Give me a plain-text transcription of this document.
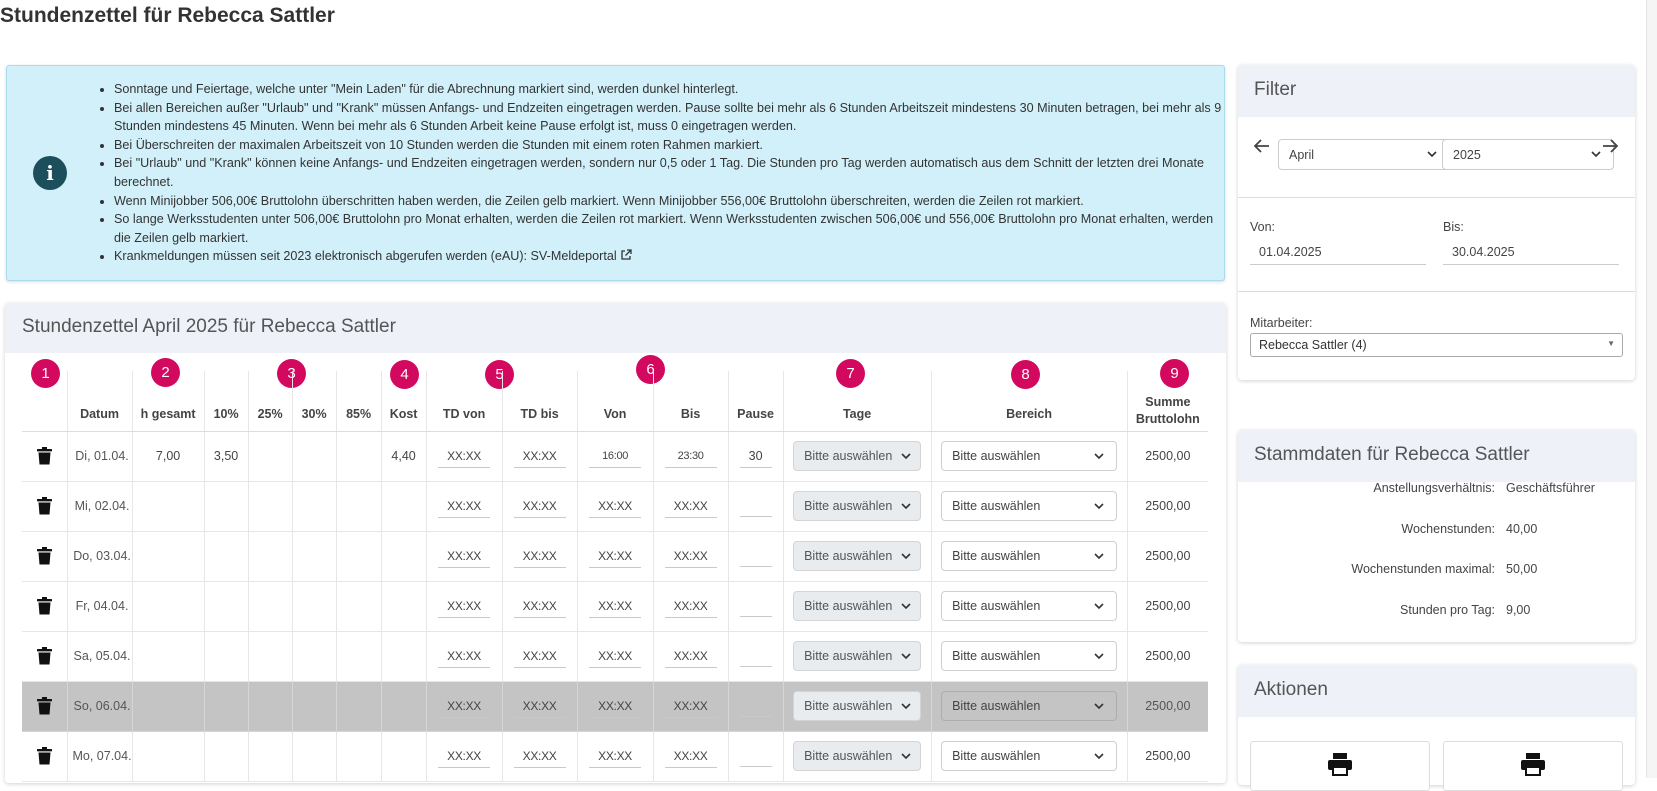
Stundenzettel für Rebecca Sattler
i
• Sonntage und Feiertage, welche unter "Mein Laden" für die Abrechnung markiert sind, werden dunkel hinterlegt.
• Bei allen Bereichen außer "Urlaub" und "Krank" müssen Anfangs- und Endzeiten eingetragen werden. Pause sollte bei mehr als 6 Stunden Arbeitszeit mindestens 30 Minuten betragen, bei mehr als 9 Stunden mindestens 45 Minuten. Wenn bei mehr als 6 Stunden Arbeit keine Pause erfolgt ist, muss 0 eingetragen werden.
• Bei Überschreiten der maximalen Arbeitszeit von 10 Stunden werden die Stunden mit einem roten Rahmen markiert.
• Bei "Urlaub" und "Krank" können keine Anfangs- und Endzeiten eingetragen werden, sondern nur 0,5 oder 1 Tag. Die Stunden pro Tag werden automatisch aus dem Schnitt der letzten drei Monate berechnet.
• Wenn Minijobber 506,00€ Bruttolohn überschritten haben werden, die Zeilen gelb markiert. Wenn Minijobber 556,00€ Bruttolohn überschreiten, werden die Zeilen rot markiert.
• So lange Werksstudenten unter 506,00€ Bruttolohn pro Monat erhalten, werden die Zeilen rot markiert. Wenn Werksstudenten zwischen 506,00€ und 556,00€ Bruttolohn pro Monat erhalten, werden die Zeilen gelb markiert.
• Krankmeldungen müssen seit 2023 elektronisch abgerufen werden (eAU): SV-Meldeportal
Stundenzettel April 2025 für Rebecca Sattler
1	2	3	4	5	6	7	8	9
	Datum	h gesamt	10%	25%	30%	85%	Kost	TD von	TD bis	Von	Bis	Pause	Tage	Bereich	Summe Bruttolohn
	Di, 01.04.	7,00	3,50				4,40	XX:XX	XX:XX	16:00	23:30	30	Bitte auswählen	Bitte auswählen	2500,00
	Mi, 02.04.							XX:XX	XX:XX	XX:XX	XX:XX		Bitte auswählen	Bitte auswählen	2500,00
	Do, 03.04.							XX:XX	XX:XX	XX:XX	XX:XX		Bitte auswählen	Bitte auswählen	2500,00
	Fr, 04.04.							XX:XX	XX:XX	XX:XX	XX:XX		Bitte auswählen	Bitte auswählen	2500,00
	Sa, 05.04.							XX:XX	XX:XX	XX:XX	XX:XX		Bitte auswählen	Bitte auswählen	2500,00
	So, 06.04.							XX:XX	XX:XX	XX:XX	XX:XX		Bitte auswählen	Bitte auswählen	2500,00
	Mo, 07.04.							XX:XX	XX:XX	XX:XX	XX:XX		Bitte auswählen	Bitte auswählen	2500,00
Filter
April	2025
Von:
01.04.2025
Bis:
30.04.2025
Mitarbeiter:
Rebecca Sattler (4)	▼
Stammdaten für Rebecca Sattler
Anstellungsverhältnis: Geschäftsführer
Wochenstunden: 40,00
Wochenstunden maximal: 50,00
Stunden pro Tag: 9,00
Aktionen
